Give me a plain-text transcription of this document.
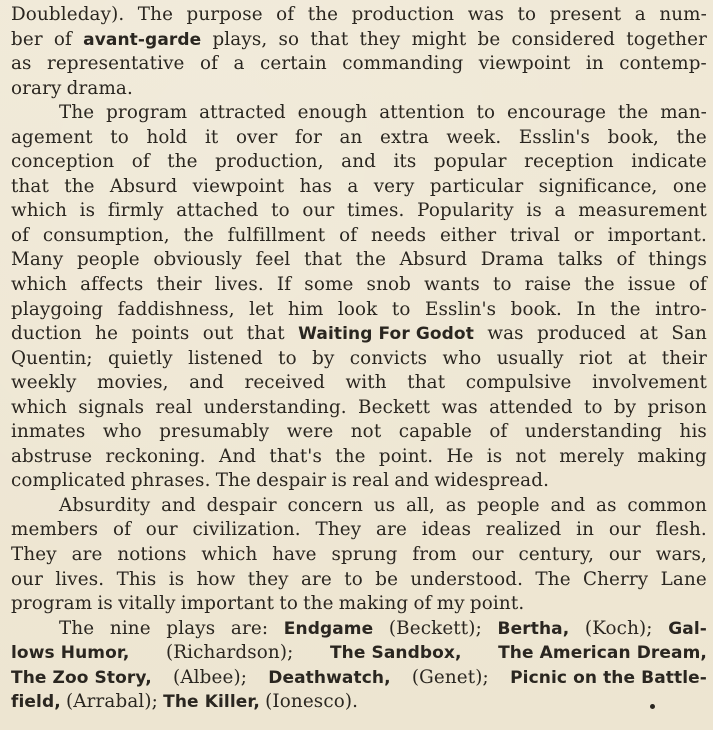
Doubleday). The purpose of the production was to present a num-
ber of avant-garde plays, so that they might be considered together
as representative of a certain commanding viewpoint in contemp-
orary drama.
The program attracted enough attention to encourage the man-
agement to hold it over for an extra week. Esslin's book, the
conception of the production, and its popular reception indicate
that the Absurd viewpoint has a very particular significance, one
which is firmly attached to our times. Popularity is a measurement
of consumption, the fulfillment of needs either trival or important.
Many people obviously feel that the Absurd Drama talks of things
which affects their lives. If some snob wants to raise the issue of
playgoing faddishness, let him look to Esslin's book. In the intro-
duction he points out that Waiting For Godot was produced at San
Quentin; quietly listened to by convicts who usually riot at their
weekly movies, and received with that compulsive involvement
which signals real understanding. Beckett was attended to by prison
inmates who presumably were not capable of understanding his
abstruse reckoning. And that's the point. He is not merely making
complicated phrases. The despair is real and widespread.
Absurdity and despair concern us all, as people and as common
members of our civilization. They are ideas realized in our flesh.
They are notions which have sprung from our century, our wars,
our lives. This is how they are to be understood. The Cherry Lane
program is vitally important to the making of my point.
The nine plays are: Endgame (Beckett); Bertha, (Koch); Gal-
lows Humor, (Richardson); The Sandbox, The American Dream,
The Zoo Story, (Albee); Deathwatch, (Genet); Picnic on the Battle-
field, (Arrabal); The Killer, (Ionesco).
